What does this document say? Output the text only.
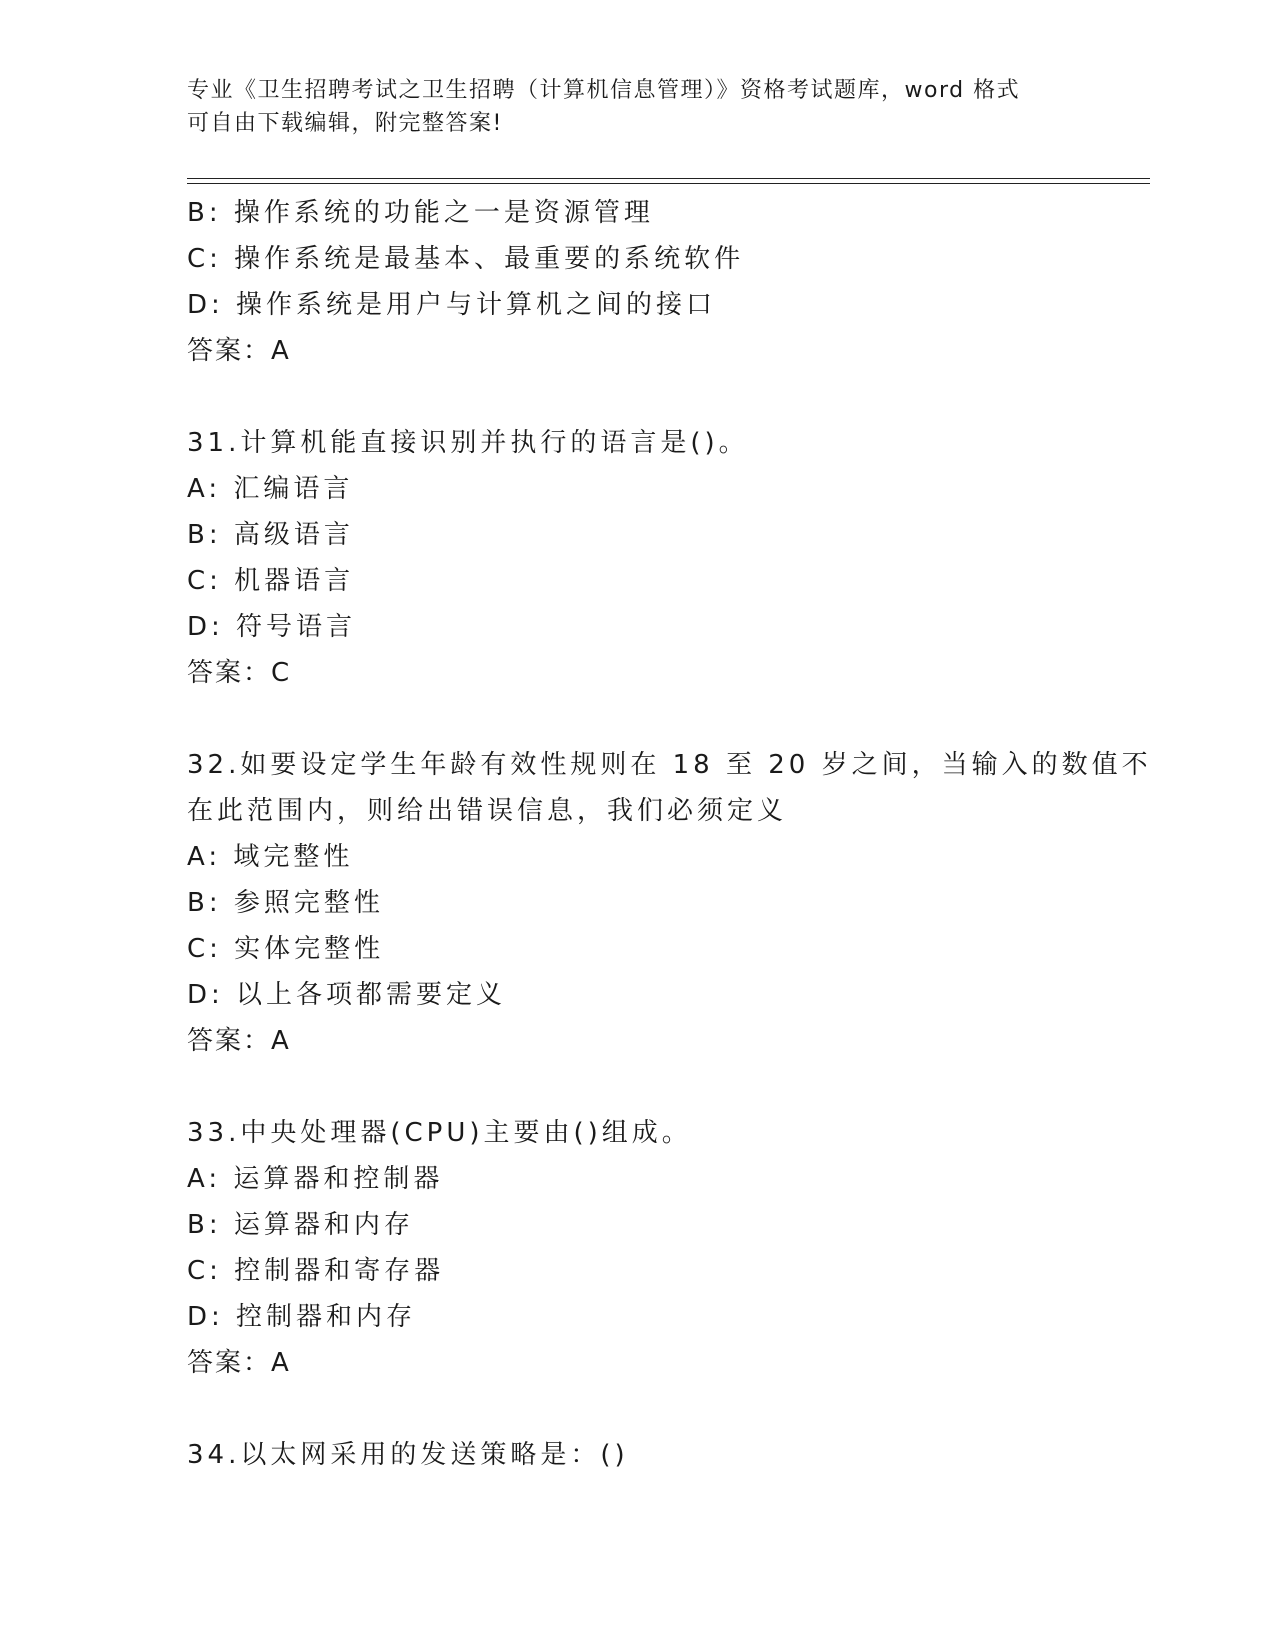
专业《卫生招聘考试之卫生招聘（计算机信息管理）》资格考试题库，word 格式
可自由下载编辑，附完整答案!
B: 操作系统的功能之一是资源管理
C: 操作系统是最基本、最重要的系统软件
D: 操作系统是用户与计算机之间的接口
答案：A
31.计算机能直接识别并执行的语言是()。
A: 汇编语言
B: 高级语言
C: 机器语言
D: 符号语言
答案：C
32.如要设定学生年龄有效性规则在 18 至 20 岁之间，当输入的数值不
在此范围内，则给出错误信息，我们必须定义
A: 域完整性
B: 参照完整性
C: 实体完整性
D: 以上各项都需要定义
答案：A
33.中央处理器(CPU)主要由()组成。
A: 运算器和控制器
B: 运算器和内存
C: 控制器和寄存器
D: 控制器和内存
答案：A
34.以太网采用的发送策略是：()
